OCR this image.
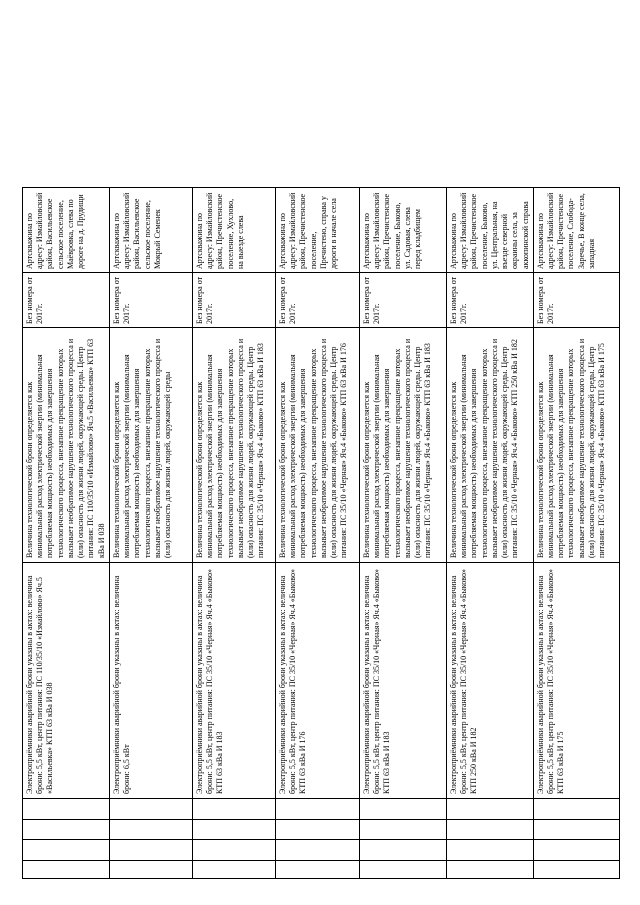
				Электроприёмники аварийной брони указаны в актах: величина брони: 5,5 кВт, центр питания: ПС 110/35/10 «Измайлово» Яч.5 «Васильевка» КТП 63 кВа И 038	Величина технологической брони определяется как минимальный расход электрической энергии (минимальная потребляемая мощность) необходимых для завершения технологического процесса, внезапное прекращение которых вызывает необратимое нарушение технологического процесса и (или) опасность для жизни людей, окружающей среды. Центр питания: ПС 110/35/10 «Измайлово» Яч.5 «Васильевка» КТП 63 кВа И 038	Без номера от 2017г.	Артскважина по адресу: Измайловский район, Васильевское сельское поселение, Маёвровка, слева по дороге на д. Прудищи
				Электроприёмники аварийной брони указаны в актах: величина брони: 6,5 кВт	Величина технологической брони определяется как минимальный расход электрической энергии (минимальная потребляемая мощность) необходимых для завершения технологического процесса, внезапное прекращение которых вызывает необратимое нарушение технологического процесса и (или) опасность для жизни людей, окружающей среды	Без номера от 2017г.	Артскважина по адресу: Измайловский район, Васильевское сельское поселение, Мокрый Семенек
				Электроприёмники аварийной брони указаны в актах: величина брони: 5,5 кВт, центр питания: ПС 35/10 «Черная» Яч.4 «Быково» КТП 63 кВа И 183	Величина технологической брони определяется как минимальный расход электрической энергии (минимальная потребляемая мощность) необходимых для завершения технологического процесса, внезапное прекращение которых вызывает необратимое нарушение технологического процесса и (или) опасность для жизни людей, окружающей среды. Центр питания: ПС 35/10 «Черная» Яч.4 «Быково» КТП 63 кВа И 183	Без номера от 2017г.	Артскважина по адресу: Измайловский район, Пречистенское поселение, Хухлово, на выезде слева
				Электроприёмники аварийной брони указаны в актах: величина брони: 5,5 кВт, центр питания: ПС 35/10 «Черная» Яч.4 «Быково» КТП 63 кВа И 176	Величина технологической брони определяется как минимальный расход электрической энергии (минимальная потребляемая мощность) необходимых для завершения технологического процесса, внезапное прекращение которых вызывает необратимое нарушение технологического процесса и (или) опасность для жизни людей, окружающей среды. Центр питания: ПС 35/10 «Черная» Яч.4 «Быково» КТП 63 кВа И 176	Без номера от 2017г.	Артскважина по адресу: Измайловский район, Пречистенское поселение, Пречистено, справа у дороги в начале села
				Электроприёмники аварийной брони указаны в актах: величина брони: 5,5 кВт, центр питания: ПС 35/10 «Черная» Яч.4 «Быково» КТП 63 кВа И 183	Величина технологической брони определяется как минимальный расход электрической энергии (минимальная потребляемая мощность) необходимых для завершения технологического процесса, внезапное прекращение которых вызывает необратимое нарушение технологического процесса и (или) опасность для жизни людей, окружающей среды. Центр питания: ПС 35/10 «Черная» Яч.4 «Быково» КТП 63 кВа И 183	Без номера от 2017г.	Артскважина по адресу: Измайловский район, Пречистенское поселение, Быково, ул. Садовая, слева перед кладбищем
				Электроприёмники аварийной брони указаны в актах: величина брони: 5,5 кВт, центр питания: ПС 35/10 «Черная» Яч.4 «Быково» КТП 250 кВа И 182	Величина технологической брони определяется как минимальный расход электрической энергии (минимальная потребляемая мощность) необходимых для завершения технологического процесса, внезапное прекращение которых вызывает необратимое нарушение технологического процесса и (или) опасность для жизни людей, окружающей среды. Центр питания: ПС 35/10 «Черная» Яч.4 «Быково» КТП 250 кВа И 182	Без номера от 2017г.	Артскважина по адресу: Измайловский район, Пречистенское поселение, Быково, ул. Центральная, на въезде северной окраины села, за аккопинской справа
				Электроприёмники аварийной брони указаны в актах: величина брони: 5,5 кВт, центр питания: ПС 35/10 «Черная» Яч.4 «Быково» КТП 63 кВа И 175	Величина технологической брони определяется как минимальный расход электрической энергии (минимальная потребляемая мощность) необходимых для завершения технологического процесса, внезапное прекращение которых вызывает необратимое нарушение технологического процесса и (или) опасность для жизни людей, окружающей среды. Центр питания: ПС 35/10 «Черная» Яч.4 «Быково» КТП 63 кВа И 175	Без номера от 2017г.	Артскважина по адресу: Измайловский район, Пречистенское поселение, Слобода-Заречье, В конце села, западная
